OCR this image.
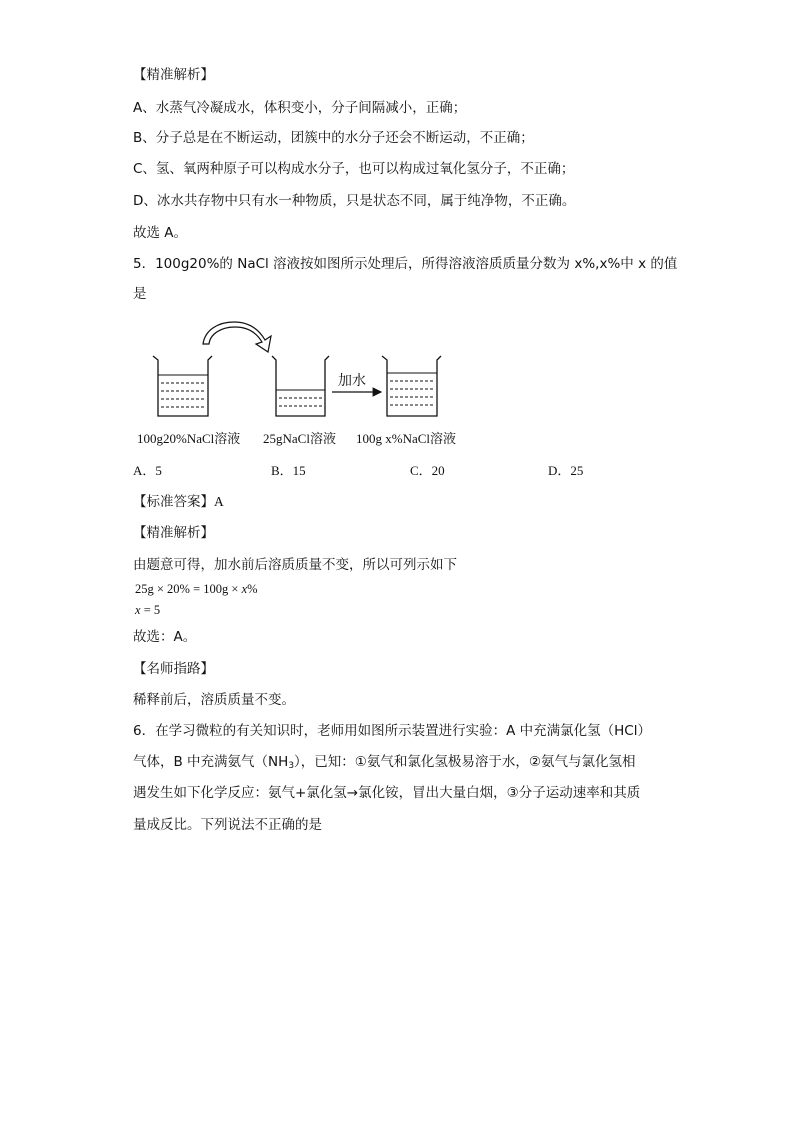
【精准解析】
A、水蒸气冷凝成水，体积变小，分子间隔减小，正确；
B、分子总是在不断运动，团簇中的水分子还会不断运动，不正确；
C、氢、氧两种原子可以构成水分子，也可以构成过氧化氢分子，不正确；
D、冰水共存物中只有水一种物质，只是状态不同，属于纯净物，不正确。
故选 A。
5．100g20%的 NaCl 溶液按如图所示处理后，所得溶液溶质质量分数为 x%,x%中 x 的值
是
加水
100g20%NaCl溶液 25gNaCl溶液 100g x%NaCl溶液
A．5	B．15	C．20	D．25
【标准答案】A
【精准解析】
由题意可得，加水前后溶质质量不变，所以可列示如下
25g × 20% = 100g × x%
x = 5
故选：A。
【名师指路】
稀释前后，溶质质量不变。
6．在学习微粒的有关知识时，老师用如图所示装置进行实验：A 中充满氯化氢（HCl）
气体，B 中充满氨气$(NH_3)$，已知：①氨气和氯化氢极易溶于水，②氨气与氯化氢相
遇发生如下化学反应：氨气+氯化氢→氯化铵，冒出大量白烟，③分子运动速率和其质
量成反比。下列说法不正确的是
